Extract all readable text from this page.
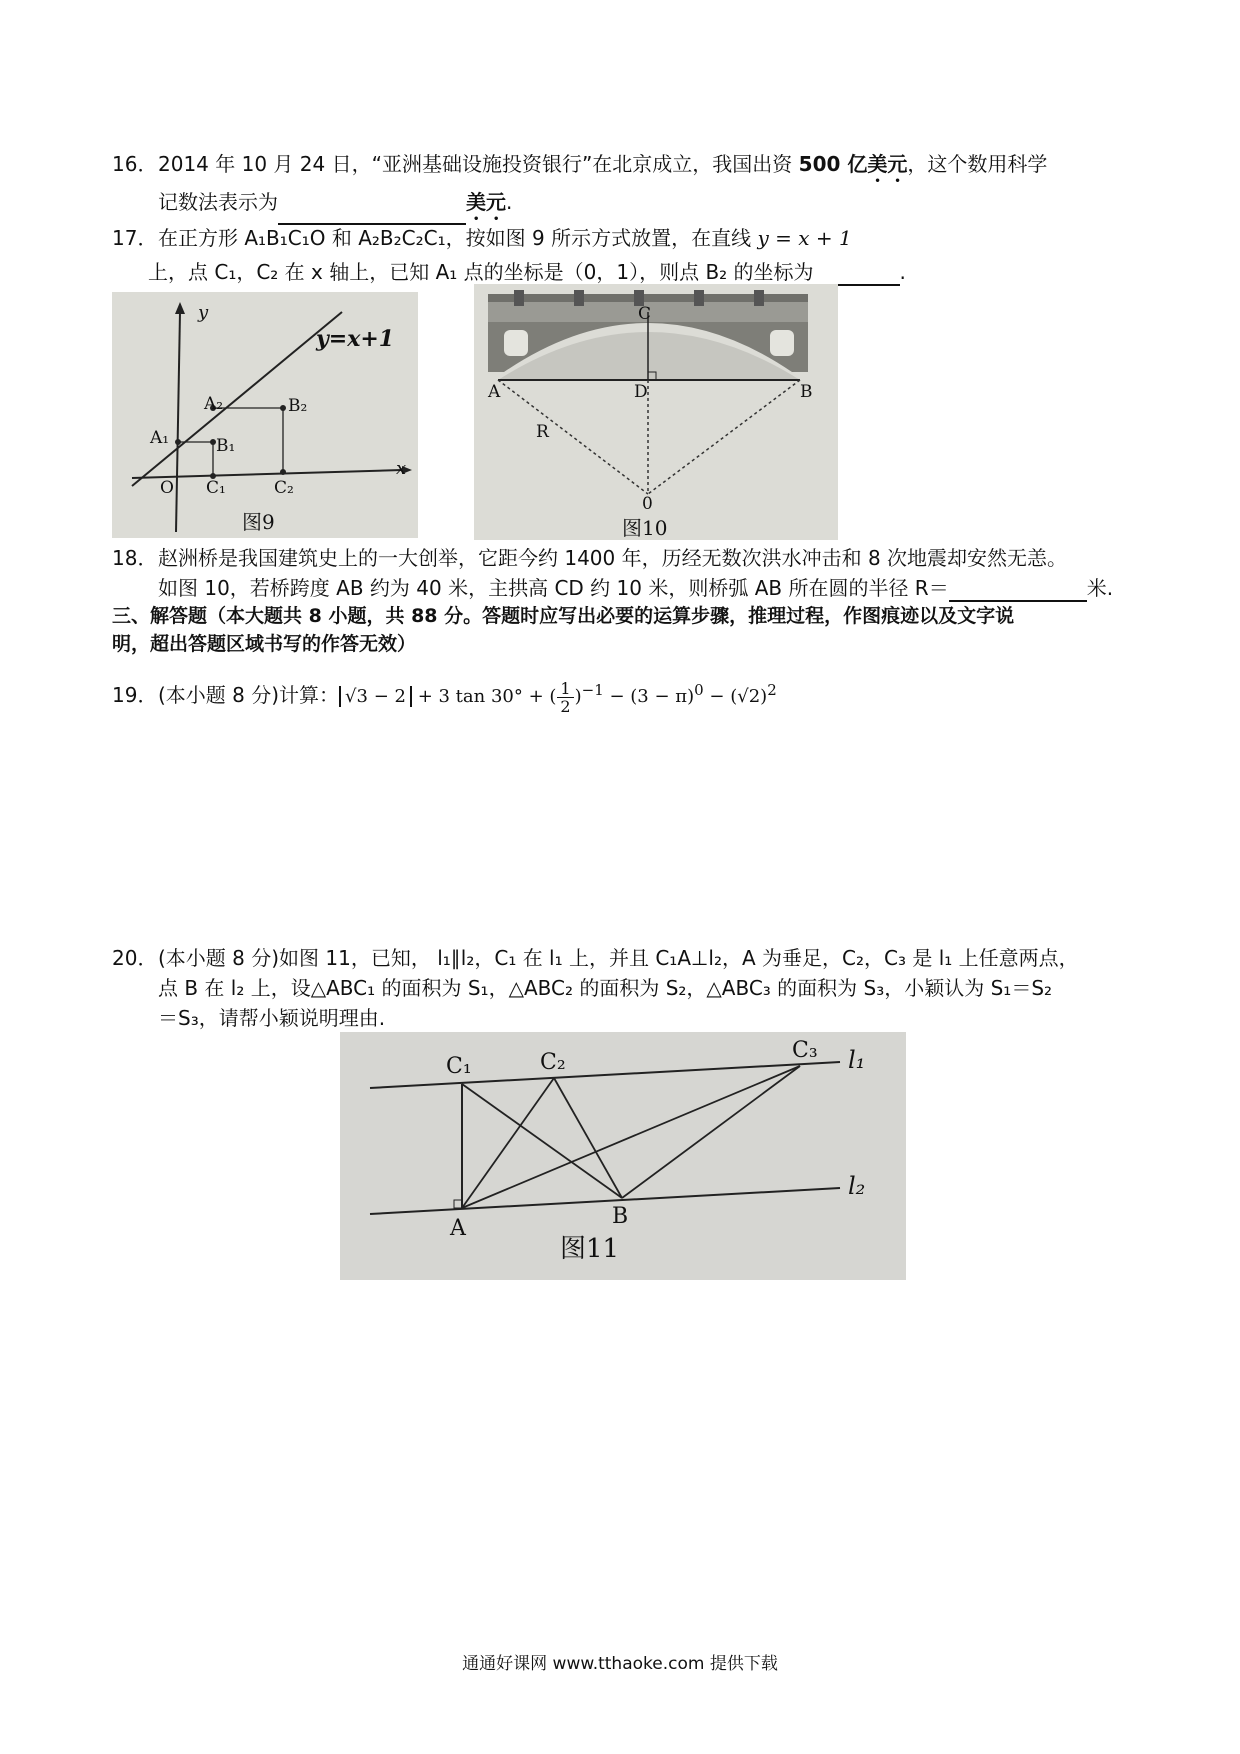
16．2014 年 10 月 24 日，“亚洲基础设施投资银行”在北京成立，我国出资 500 亿美元，这个数用科学
记数法表示为	美元.
17．在正方形 A₁B₁C₁O 和 A₂B₂C₂C₁，按如图 9 所示方式放置，在直线 y = x + 1
上，点 C₁，C₂ 在 x 轴上，已知 A₁ 点的坐标是（0，1），则点 B₂ 的坐标为	.
y
x
y=x+1
O
A₁
A₂
B₁
B₂
C₁	C₂
图9
A	B
C
D
0
R
图10
18．赵洲桥是我国建筑史上的一大创举，它距今约 1400 年，历经无数次洪水冲击和 8 次地震却安然无恙。
如图 10，若桥跨度 AB 约为 40 米，主拱高 CD 约 10 米，则桥弧 AB 所在圆的半径 R＝	米.
三、解答题（本大题共 8 小题，共 88 分。答题时应写出必要的运算步骤，推理过程，作图痕迹以及文字说
明，超出答题区域书写的作答无效）
19．(本小题 8 分)计算： √3 − 2 + 3 tan 30° + ( $\frac{1}{2} )^{-1} - (3 - \pi)^0 - (√2)^2$
20．(本小题 8 分)如图 11，已知， l₁∥l₂，C₁ 在 l₁ 上，并且 C₁A⊥l₂，A 为垂足，C₂，C₃ 是 l₁ 上任意两点，
点 B 在 l₂ 上，设△ABC₁ 的面积为 S₁，△ABC₂ 的面积为 S₂，△ABC₃ 的面积为 S₃，小颖认为 S₁＝S₂
＝S₃，请帮小颖说明理由.
C₁	C₂	C₃ l₁
l₂
A	B
图11
通通好课网 www.tthaoke.com 提供下载
